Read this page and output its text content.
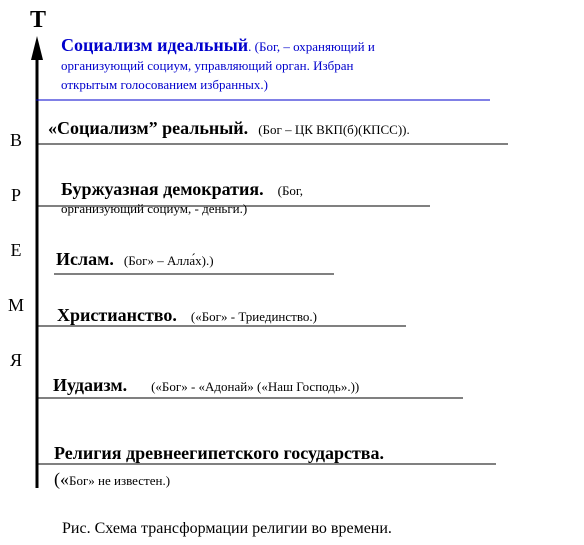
T
В
Р
Е
М
Я
Социализм идеальный. (Бог, – охраняющий и
организующий социум, управляющий орган. Избран
открытым голосованием избранных.)
«Социализм” реальный. (Бог – ЦК ВКП(б)(КПСС)).
Буржуазная демократия. (Бог,
организующий социум, - деньги.)
Ислам. (Бог» – Алла́х).)
Христианство. («Бог» - Триединство.)
Иудаизм. («Бог» - «Адонай» («Наш Господь».))
Религия древнеегипетского государства.
(«Бог» не известен.)
Рис. Схема трансформации религии во времени.
